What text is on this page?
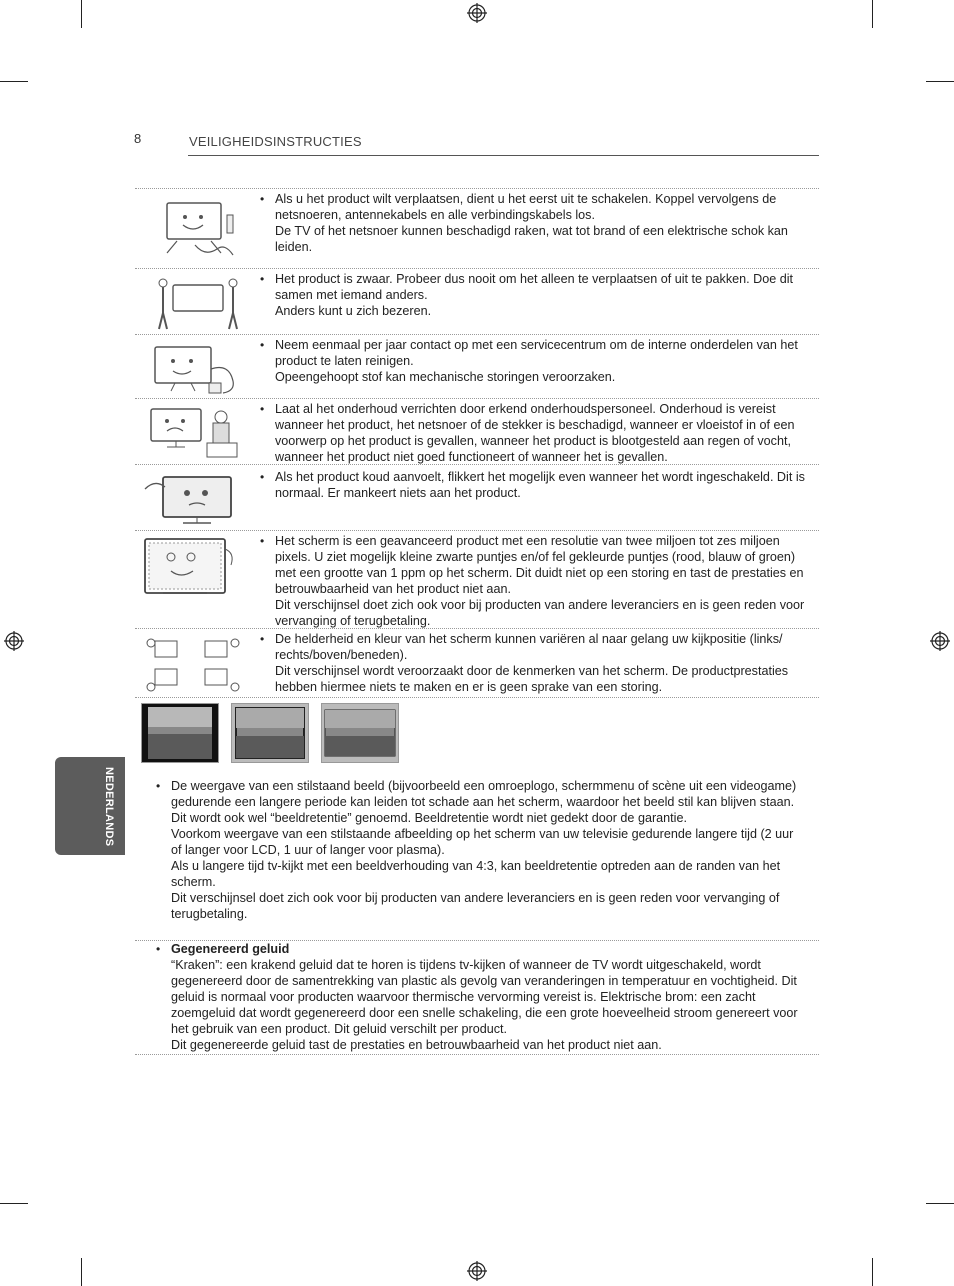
8	VEILIGHEIDSINSTRUCTIES
NEDERLANDS
• Als u het product wilt verplaatsen, dient u het eerst uit te schakelen. Koppel vervolgens de netsnoeren, antennekabels en alle verbindingskabels los.
De TV of het netsnoer kunnen beschadigd raken, wat tot brand of een elektrische schok kan leiden.
• Het product is zwaar. Probeer dus nooit om het alleen te verplaatsen of uit te pakken. Doe dit samen met iemand anders.
Anders kunt u zich bezeren.
• Neem eenmaal per jaar contact op met een servicecentrum om de interne onderdelen van het product te laten reinigen.
Opeengehoopt stof kan mechanische storingen veroorzaken.
• Laat al het onderhoud verrichten door erkend onderhoudspersoneel. Onderhoud is vereist wanneer het product, het netsnoer of de stekker is beschadigd, wanneer er vloeistof in of een voorwerp op het product is gevallen, wanneer het product is blootgesteld aan regen of vocht, wanneer het product niet goed functioneert of wanneer het is gevallen.
• Als het product koud aanvoelt, flikkert het mogelijk even wanneer het wordt ingeschakeld. Dit is normaal. Er mankeert niets aan het product.
• Het scherm is een geavanceerd product met een resolutie van twee miljoen tot zes miljoen pixels. U ziet mogelijk kleine zwarte puntjes en/of fel gekleurde puntjes (rood, blauw of groen) met een grootte van 1 ppm op het scherm. Dit duidt niet op een storing en tast de prestaties en betrouwbaarheid van het product niet aan.
Dit verschijnsel doet zich ook voor bij producten van andere leveranciers en is geen reden voor vervanging of terugbetaling.
• De helderheid en kleur van het scherm kunnen variëren al naar gelang uw kijkpositie (links/ rechts/boven/beneden).
Dit verschijnsel wordt veroorzaakt door de kenmerken van het scherm. De productprestaties hebben hiermee niets te maken en er is geen sprake van een storing.
• De weergave van een stilstaand beeld (bijvoorbeeld een omroeplogo, schermmenu of scène uit een videogame) gedurende een langere periode kan leiden tot schade aan het scherm, waardoor het beeld stil kan blijven staan. Dit wordt ook wel “beeldretentie” genoemd. Beeldretentie wordt niet gedekt door de garantie.
Voorkom weergave van een stilstaande afbeelding op het scherm van uw televisie gedurende langere tijd (2 uur of langer voor LCD, 1 uur of langer voor plasma).
Als u langere tijd tv-kijkt met een beeldverhouding van 4:3, kan beeldretentie optreden aan de randen van het scherm.
Dit verschijnsel doet zich ook voor bij producten van andere leveranciers en is geen reden voor vervanging of terugbetaling.
• Gegenereerd geluid
“Kraken”: een krakend geluid dat te horen is tijdens tv-kijken of wanneer de TV wordt uitgeschakeld, wordt gegenereerd door de samentrekking van plastic als gevolg van veranderingen in temperatuur en vochtigheid. Dit geluid is normaal voor producten waarvoor thermische vervorming vereist is. Elektrische brom: een zacht zoemgeluid dat wordt gegenereerd door een snelle schakeling, die een grote hoeveelheid stroom genereert voor het gebruik van een product. Dit geluid verschilt per product.
Dit gegenereerde geluid tast de prestaties en betrouwbaarheid van het product niet aan.
